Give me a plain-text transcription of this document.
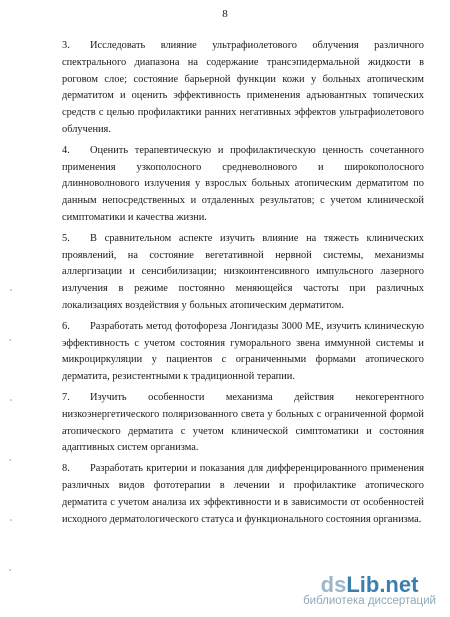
8

3. Исследовать влияние ультрафиолетового облучения различного спектрального диапазона на содержание трансэпидермальной жидкости в роговом слое; состояние барьерной функции кожи у больных атопическим дерматитом и оценить эффективность применения адъювантных топических средств с целью профилактики ранних негативных эффектов ультрафиолетового облучения.

4. Оценить терапевтическую и профилактическую ценность сочетанного применения узкополосного средневолнового и широкополосного длинноволнового излучения у взрослых больных атопическим дерматитом по данным непосредственных и отдаленных результатов; с учетом клинической симптоматики и качества жизни.

5. В сравнительном аспекте изучить влияние на тяжесть клинических проявлений, на состояние вегетативной нервной системы, механизмы аллергизации и сенсибилизации; низкоинтенсивного импульсного лазерного излучения в режиме постоянно меняющейся частоты при различных локализациях воздействия у больных атопическим дерматитом.

6. Разработать метод фотофореза Лонгидазы 3000 МЕ, изучить клиническую эффективность с учетом состояния гуморального звена иммунной системы и микроциркуляции у пациентов с ограниченными формами атопического дерматита, резистентными к традиционной терапии.

7. Изучить особенности механизма действия некогерентного низкоэнергетического поляризованного света у больных с ограниченной формой атопического дерматита с учетом клинической симптоматики и состояния адаптивных систем организма.

8. Разработать критерии и показания для дифференцированного применения различных видов фототерапии в лечении и профилактике атопического дерматита с учетом анализа их эффективности и в зависимости от особенностей исходного дерматологического статуса и функционального состояния организма.

dsLib.net
библиотека диссертаций
